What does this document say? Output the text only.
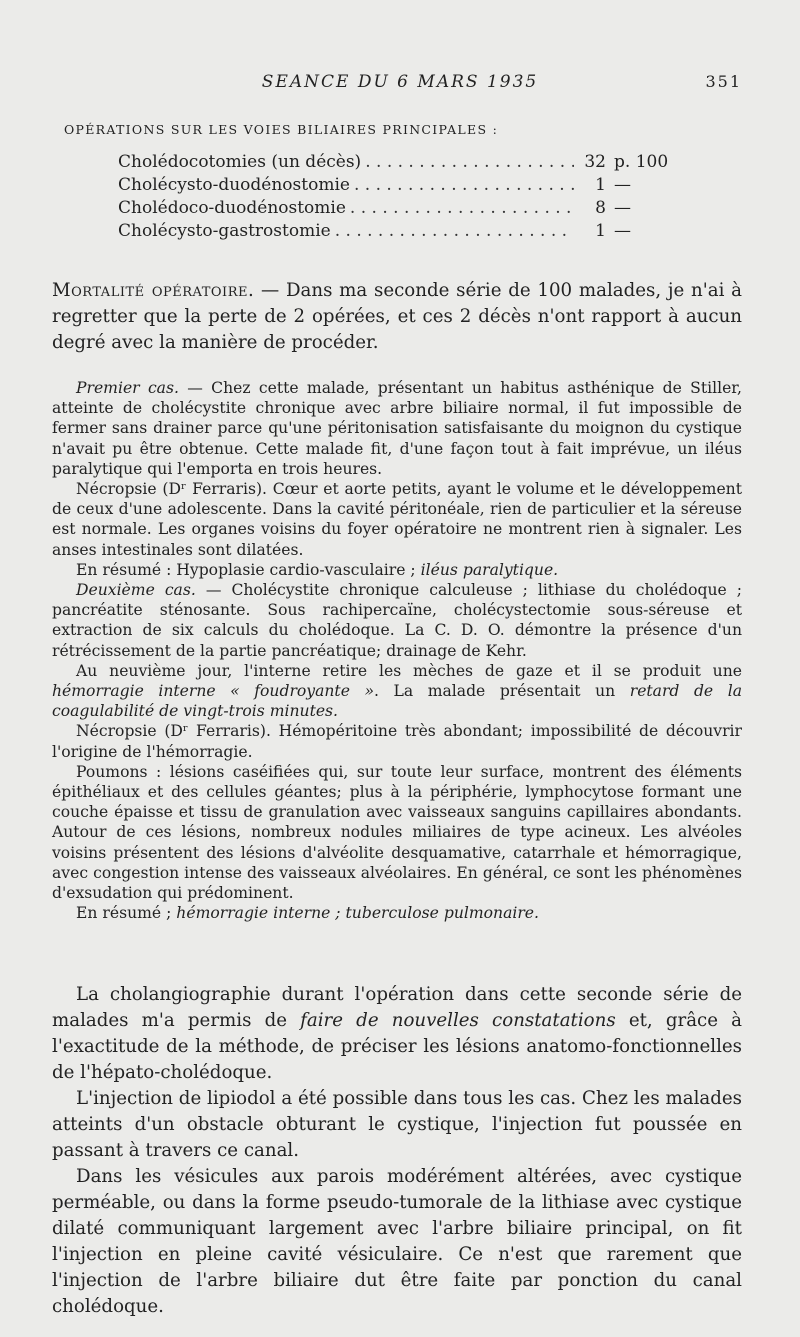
SEANCE DU 6 MARS 1935	351
OPÉRATIONS SUR LES VOIES BILIAIRES PRINCIPALES :
Cholédocotomies (un décès) . . .	32 p. 100
Cholécysto-duodénostomie . . .	1 —
Cholédoco-duodénostomie . . .	8 —
Cholécysto-gastrostomie . . .	1 —

Mortalité opératoire. — Dans ma seconde série de 100 malades, je n'ai à regretter que la perte de 2 opérées, et ces 2 décès n'ont rapport à aucun degré avec la manière de procéder.

Premier cas. — Chez cette malade, présentant un habitus asthénique de Stiller, atteinte de cholécystite chronique avec arbre biliaire normal, il fut impossible de fermer sans drainer parce qu'une péritonisation satisfaisante du moignon du cystique n'avait pu être obtenue. Cette malade fit, d'une façon tout à fait imprévue, un iléus paralytique qui l'emporta en trois heures.

Nécropsie (Dʳ Ferraris). Cœur et aorte petits, ayant le volume et le développement de ceux d'une adolescente. Dans la cavité péritonéale, rien de particulier et la séreuse est normale. Les organes voisins du foyer opératoire ne montrent rien à signaler. Les anses intestinales sont dilatées.

En résumé : Hypoplasie cardio-vasculaire ; iléus paralytique.

Deuxième cas. — Cholécystite chronique calculeuse ; lithiase du cholédoque ; pancréatite sténosante. Sous rachipercaïne, cholécystectomie sous-séreuse et extraction de six calculs du cholédoque. La C. D. O. démontre la présence d'un rétrécissement de la partie pancréatique; drainage de Kehr.

Au neuvième jour, l'interne retire les mèches de gaze et il se produit une hémorragie interne « foudroyante ». La malade présentait un retard de la coagulabilité de vingt-trois minutes.

Nécropsie (Dʳ Ferraris). Hémopéritoine très abondant; impossibilité de découvrir l'origine de l'hémorragie.

Poumons : lésions caséifiées qui, sur toute leur surface, montrent des éléments épithéliaux et des cellules géantes; plus à la périphérie, lymphocytose formant une couche épaisse et tissu de granulation avec vaisseaux sanguins capillaires abondants. Autour de ces lésions, nombreux nodules miliaires de type acineux. Les alvéoles voisins présentent des lésions d'alvéolite desquamative, catarrhale et hémorragique, avec congestion intense des vaisseaux alvéolaires. En général, ce sont les phénomènes d'exsudation qui prédominent.

En résumé ; hémorragie interne ; tuberculose pulmonaire.

La cholangiographie durant l'opération dans cette seconde série de malades m'a permis de faire de nouvelles constatations et, grâce à l'exactitude de la méthode, de préciser les lésions anatomo-fonctionnelles de l'hépato-cholédoque.

L'injection de lipiodol a été possible dans tous les cas. Chez les malades atteints d'un obstacle obturant le cystique, l'injection fut poussée en passant à travers ce canal.

Dans les vésicules aux parois modérément altérées, avec cystique perméable, ou dans la forme pseudo-tumorale de la lithiase avec cystique dilaté communiquant largement avec l'arbre biliaire principal, on fit l'injection en pleine cavité vésiculaire. Ce n'est que rarement que l'injection de l'arbre biliaire dut être faite par ponction du canal cholédoque.
